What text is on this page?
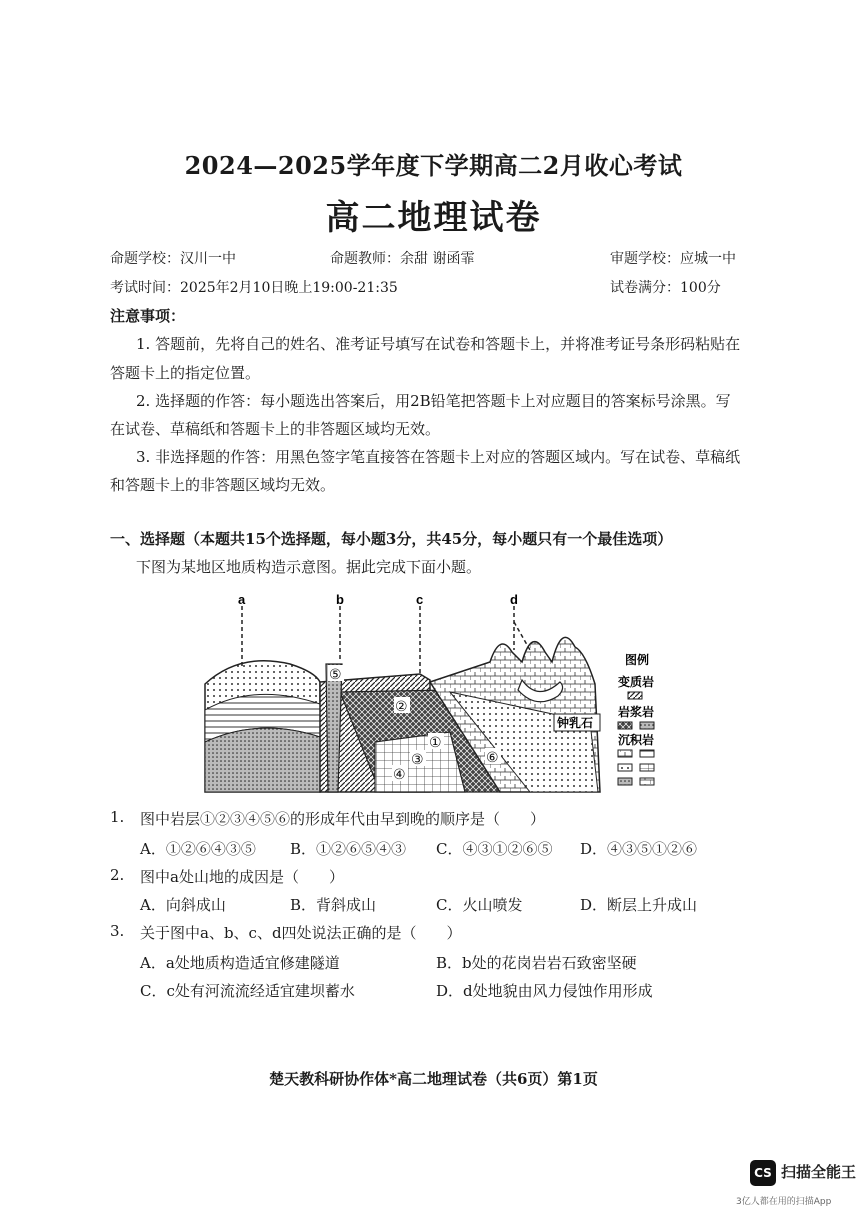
2024—2025学年度下学期高二2月收心考试
高二地理试卷
命题学校：汉川一中	命题教师：余甜 谢函霏	审题学校：应城一中
考试时间：2025年2月10日晚上19:00-21:35	试卷满分：100分
注意事项：
1. 答题前，先将自己的姓名、准考证号填写在试卷和答题卡上，并将准考证号条形码粘贴在
答题卡上的指定位置。
2. 选择题的作答：每小题选出答案后，用2B铅笔把答题卡上对应题目的答案标号涂黑。写
在试卷、草稿纸和答题卡上的非答题区域均无效。
3. 非选择题的作答：用黑色签字笔直接答在答题卡上对应的答题区域内。写在试卷、草稿纸
和答题卡上的非答题区域均无效。
一、选择题（本题共15个选择题，每小题3分，共45分，每小题只有一个最佳选项）
下图为某地区地质构造示意图。据此完成下面小题。
a	b	c	d
①
②
③
④
⑤
⑥
钟乳石
图例
变质岩
岩浆岩
沉积岩
1. 图中岩层①②③④⑤⑥的形成年代由早到晚的顺序是（　　）
A．①②⑥④③⑤ B．①②⑥⑤④③ C．④③①②⑥⑤ D．④③⑤①②⑥
2. 图中a处山地的成因是（　　）
A．向斜成山	B．背斜成山	C．火山喷发	D．断层上升成山
3. 关于图中a、b、c、d四处说法正确的是（　　）
A．a处地质构造适宜修建隧道	B．b处的花岗岩岩石致密坚硬
C．c处有河流流经适宜建坝蓄水	D．d处地貌由风力侵蚀作用形成
楚天教科研协作体*高二地理试卷（共6页）第1页
CS 扫描全能王
3亿人都在用的扫描App
